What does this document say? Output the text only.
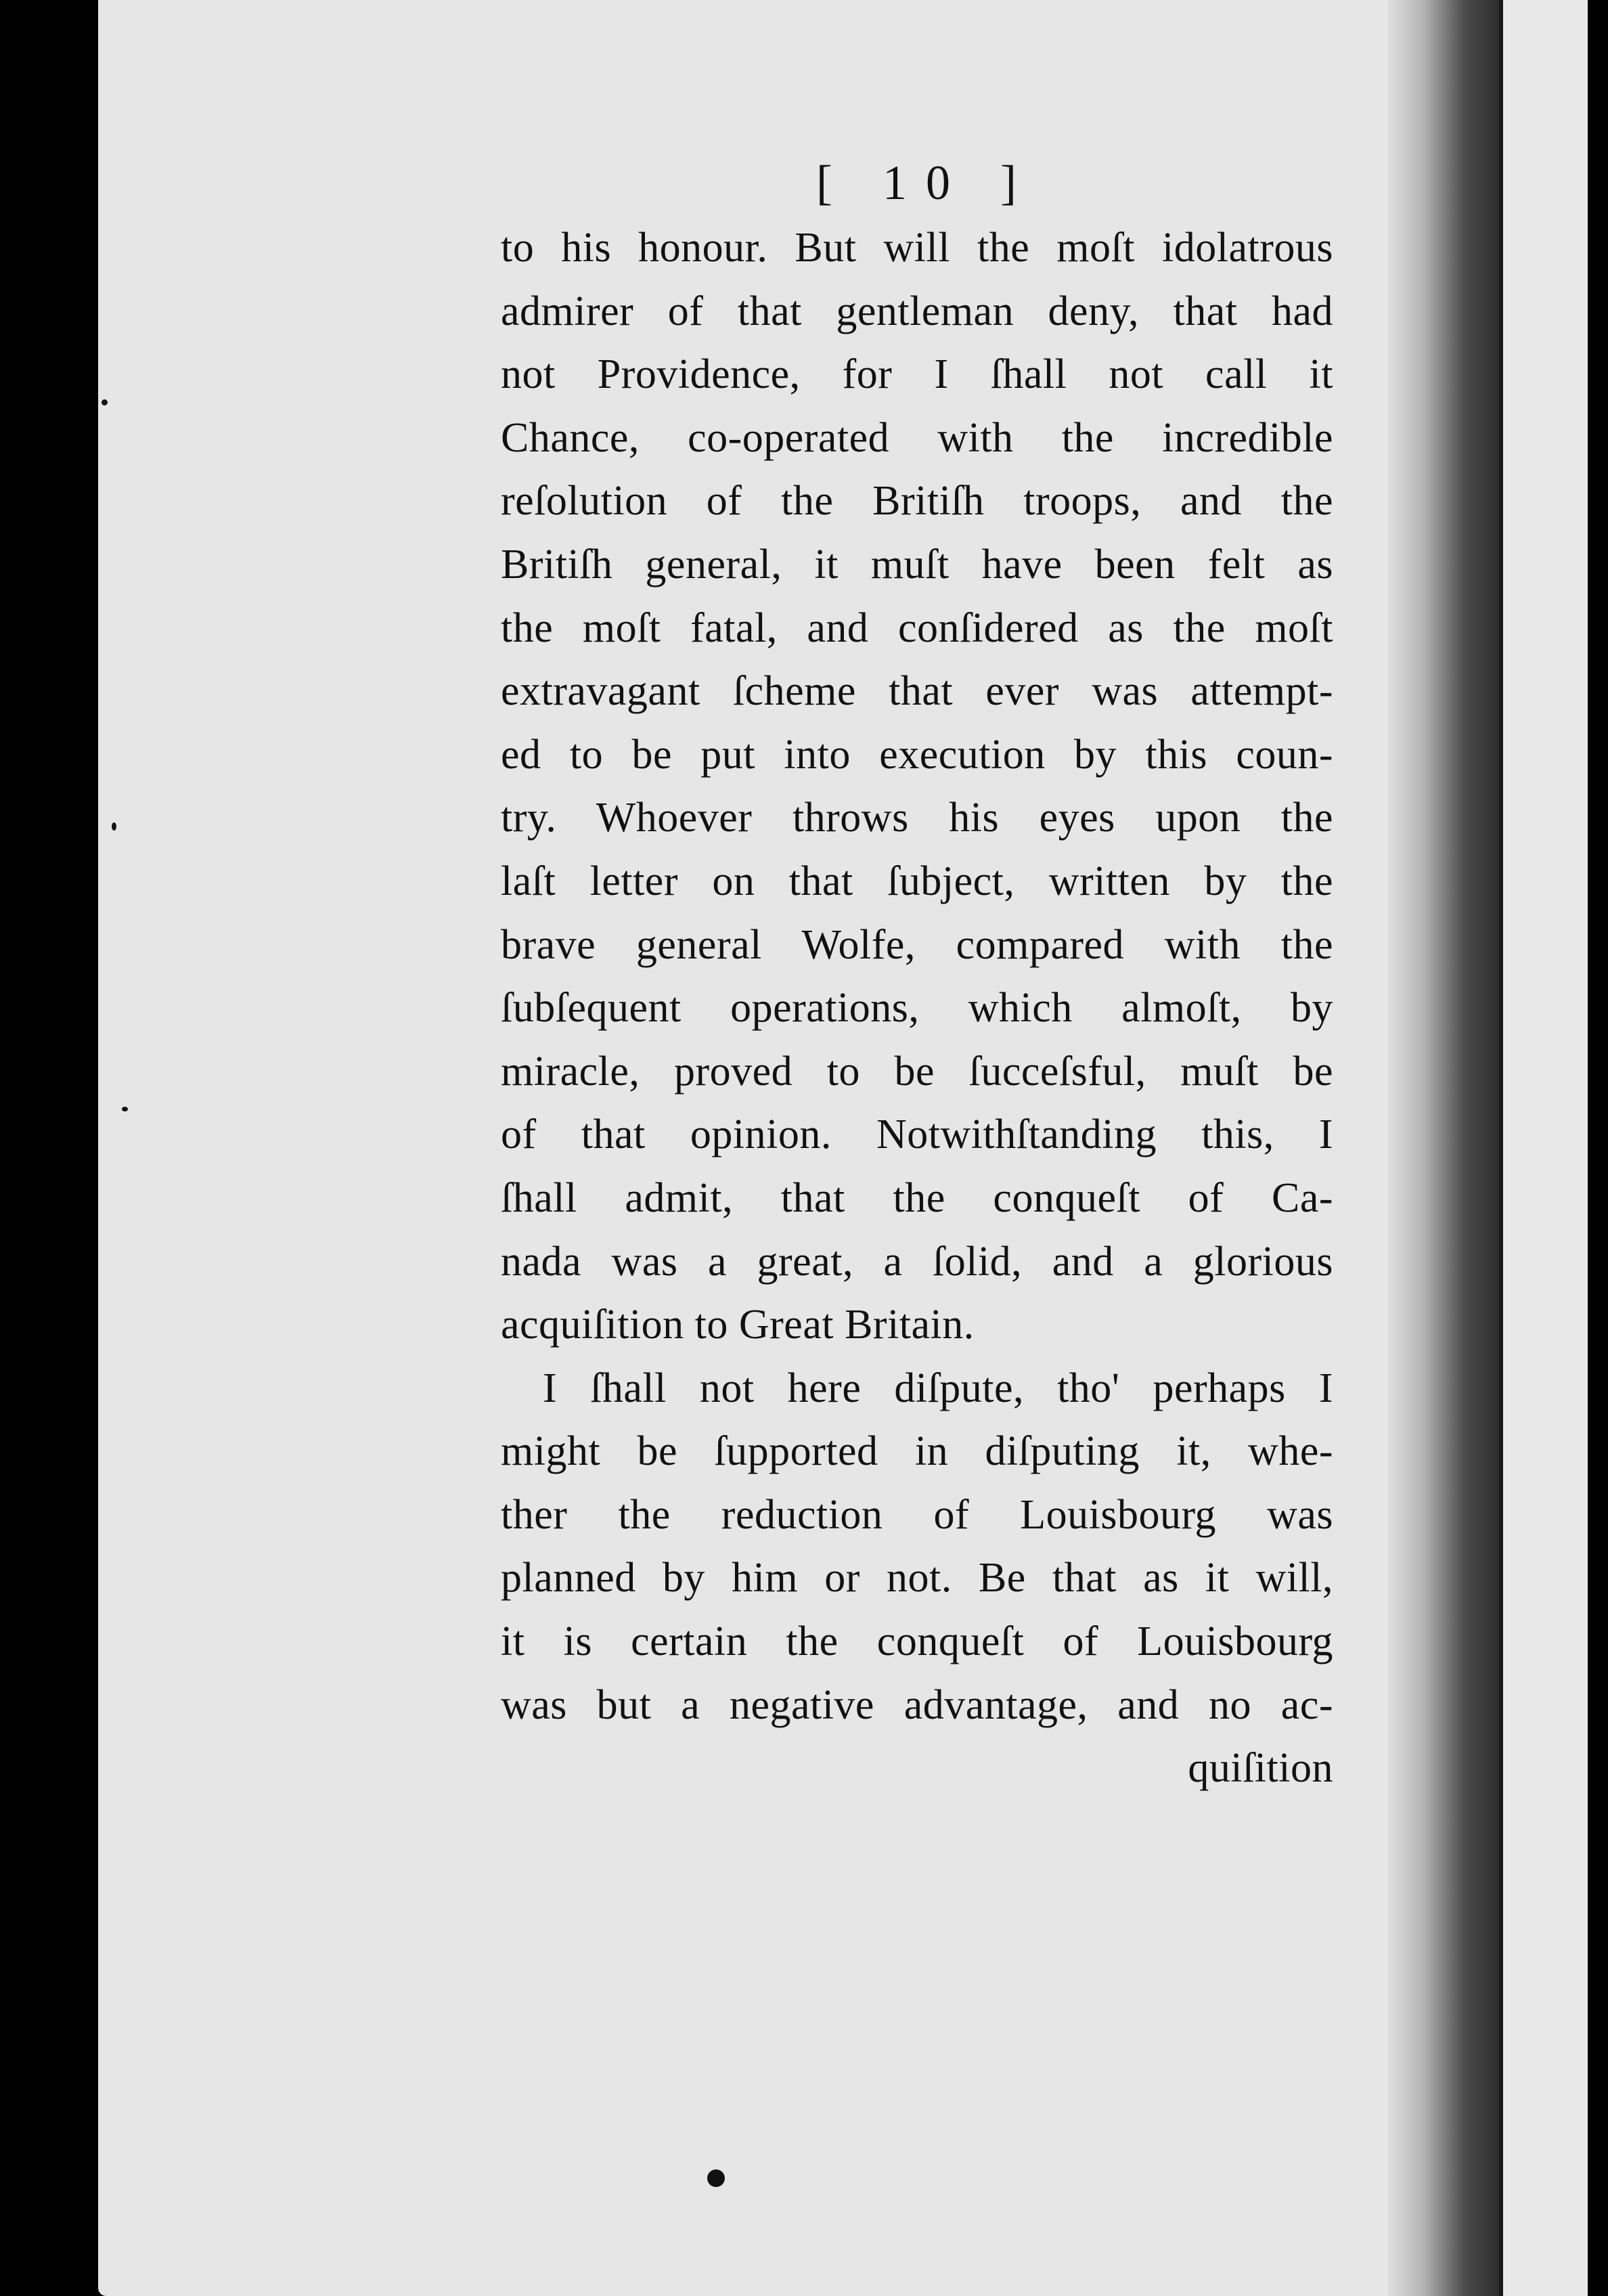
[ 10 ]
to his honour. But will the moſt idolatrous
admirer of that gentleman deny, that had
not Providence, for I ſhall not call it
Chance, co-operated with the incredible
reſolution of the Britiſh troops, and the
Britiſh general, it muſt have been felt as
the moſt fatal, and conſidered as the moſt
extravagant ſcheme that ever was attempt-
ed to be put into execution by this coun-
try. Whoever throws his eyes upon the
laſt letter on that ſubject, written by the
brave general Wolfe, compared with the
ſubſequent operations, which almoſt, by
miracle, proved to be ſucceſsful, muſt be
of that opinion. Notwithſtanding this, I
ſhall admit, that the conqueſt of Ca-
nada was a great, a ſolid, and a glorious
acquiſition to Great Britain.
I ſhall not here diſpute, tho' perhaps I
might be ſupported in diſputing it, whe-
ther the reduction of Louisbourg was
planned by him or not. Be that as it will,
it is certain the conqueſt of Louisbourg
was but a negative advantage, and no ac-
quiſition
